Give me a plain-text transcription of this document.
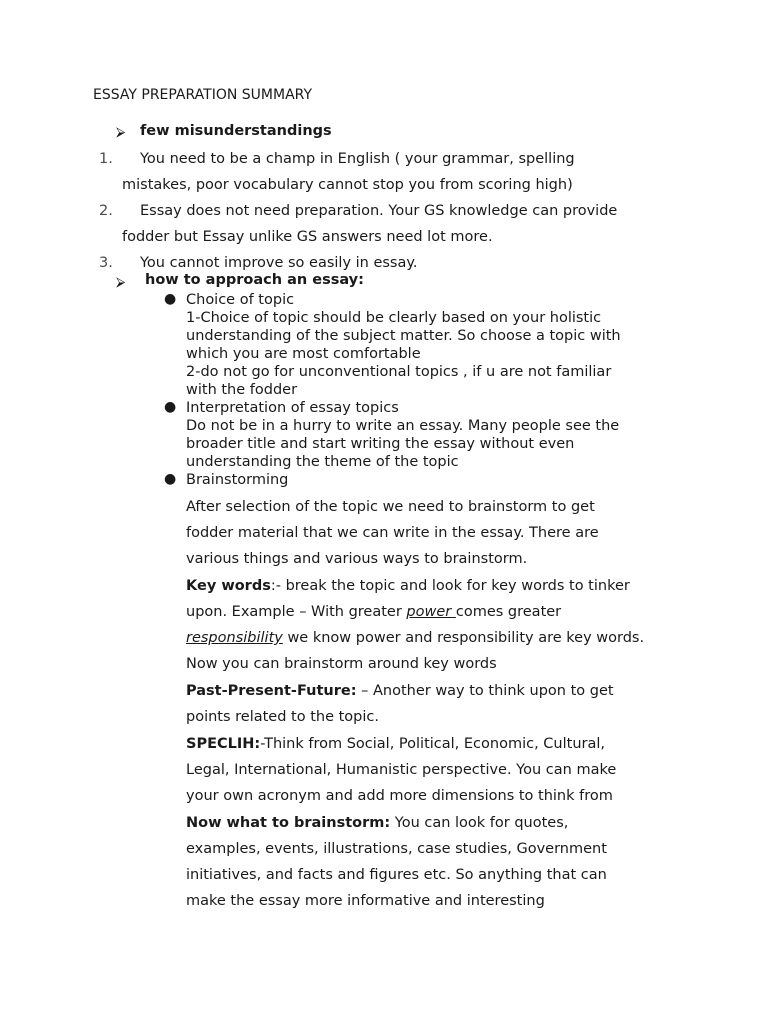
ESSAY PREPARATION SUMMARY
⮚ few misunderstandings
1. You need to be a champ in English ( your grammar, spelling
mistakes, poor vocabulary cannot stop you from scoring high)
2. Essay does not need preparation. Your GS knowledge can provide
fodder but Essay unlike GS answers need lot more.
3. You cannot improve so easily in essay.
⮚ how to approach an essay:
● Choice of topic
1-Choice of topic should be clearly based on your holistic
understanding of the subject matter. So choose a topic with
which you are most comfortable
2-do not go for unconventional topics , if u are not familiar
with the fodder
● Interpretation of essay topics
Do not be in a hurry to write an essay. Many people see the
broader title and start writing the essay without even
understanding the theme of the topic
● Brainstorming
After selection of the topic we need to brainstorm to get
fodder material that we can write in the essay. There are
various things and various ways to brainstorm.
Key words:- break the topic and look for key words to tinker
upon. Example – With greater power comes greater
responsibility we know power and responsibility are key words.
Now you can brainstorm around key words
Past-Present-Future: – Another way to think upon to get
points related to the topic.
SPECLIH:-Think from Social, Political, Economic, Cultural,
Legal, International, Humanistic perspective. You can make
your own acronym and add more dimensions to think from
Now what to brainstorm: You can look for quotes,
examples, events, illustrations, case studies, Government
initiatives, and facts and figures etc. So anything that can
make the essay more informative and interesting
